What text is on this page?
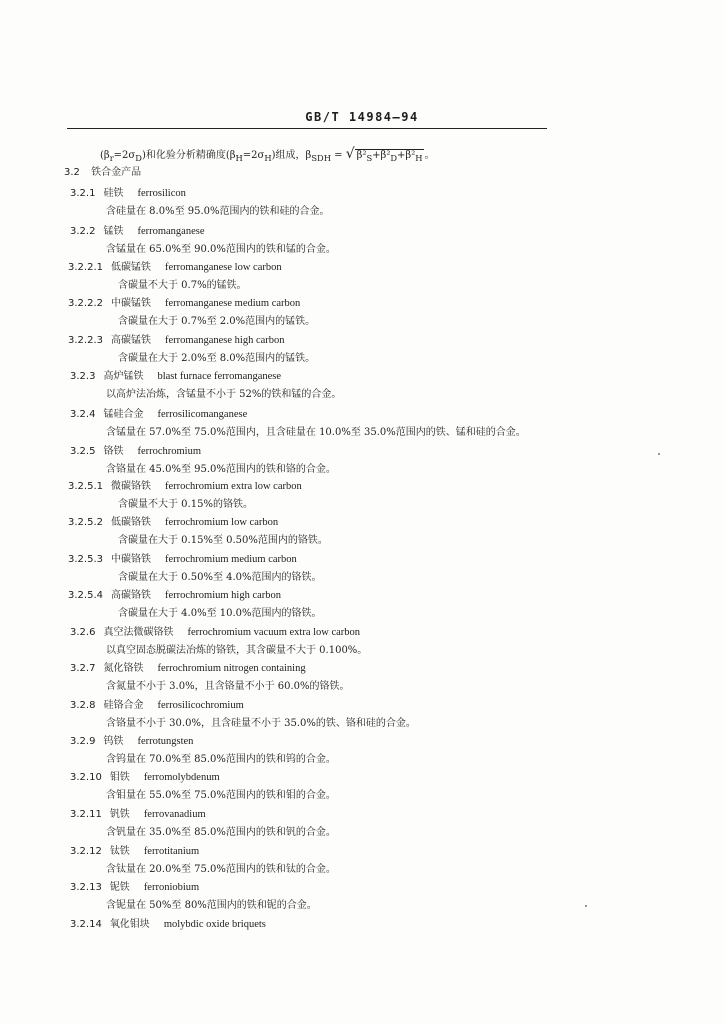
GB/T 14984—94
$(\beta_r=2\sigma_D)$和化验分析精确度$(\beta_H=2\sigma_H)$组成，$\beta_{SDH}$ = √ $\beta^2_S+\beta^2_D+\beta^2_H$ 。
3.2 铁合金产品
3.2.1 硅铁 ferrosilicon
含硅量在 8.0%至 95.0%范围内的铁和硅的合金。
3.2.2 锰铁 ferromanganese
含锰量在 65.0%至 90.0%范围内的铁和锰的合金。
3.2.2.1 低碳锰铁 ferromanganese low carbon
含碳量不大于 0.7%的锰铁。
3.2.2.2 中碳锰铁 ferromanganese medium carbon
含碳量在大于 0.7%至 2.0%范围内的锰铁。
3.2.2.3 高碳锰铁 ferromanganese high carbon
含碳量在大于 2.0%至 8.0%范围内的锰铁。
3.2.3 高炉锰铁 blast furnace ferromanganese
以高炉法冶炼，含锰量不小于 52%的铁和锰的合金。
3.2.4 锰硅合金 ferrosilicomanganese
含锰量在 57.0%至 75.0%范围内，且含硅量在 10.0%至 35.0%范围内的铁、锰和硅的合金。
3.2.5 铬铁 ferrochromium
含铬量在 45.0%至 95.0%范围内的铁和铬的合金。
3.2.5.1 微碳铬铁 ferrochromium extra low carbon
含碳量不大于 0.15%的铬铁。
3.2.5.2 低碳铬铁 ferrochromium low carbon
含碳量在大于 0.15%至 0.50%范围内的铬铁。
3.2.5.3 中碳铬铁 ferrochromium medium carbon
含碳量在大于 0.50%至 4.0%范围内的铬铁。
3.2.5.4 高碳铬铁 ferrochromium high carbon
含碳量在大于 4.0%至 10.0%范围内的铬铁。
3.2.6 真空法微碳铬铁 ferrochromium vacuum extra low carbon
以真空固态脱碳法冶炼的铬铁，其含碳量不大于 0.100%。
3.2.7 氮化铬铁 ferrochromium nitrogen containing
含氮量不小于 3.0%，且含铬量不小于 60.0%的铬铁。
3.2.8 硅铬合金 ferrosilicochromium
含铬量不小于 30.0%，且含硅量不小于 35.0%的铁、铬和硅的合金。
3.2.9 钨铁 ferrotungsten
含钨量在 70.0%至 85.0%范围内的铁和钨的合金。
3.2.10 钼铁 ferromolybdenum
含钼量在 55.0%至 75.0%范围内的铁和钼的合金。
3.2.11 钒铁 ferrovanadium
含钒量在 35.0%至 85.0%范围内的铁和钒的合金。
3.2.12 钛铁 ferrotitanium
含钛量在 20.0%至 75.0%范围内的铁和钛的合金。
3.2.13 铌铁 ferroniobium
含铌量在 50%至 80%范围内的铁和铌的合金。
3.2.14 氧化钼块 molybdic oxide briquets
